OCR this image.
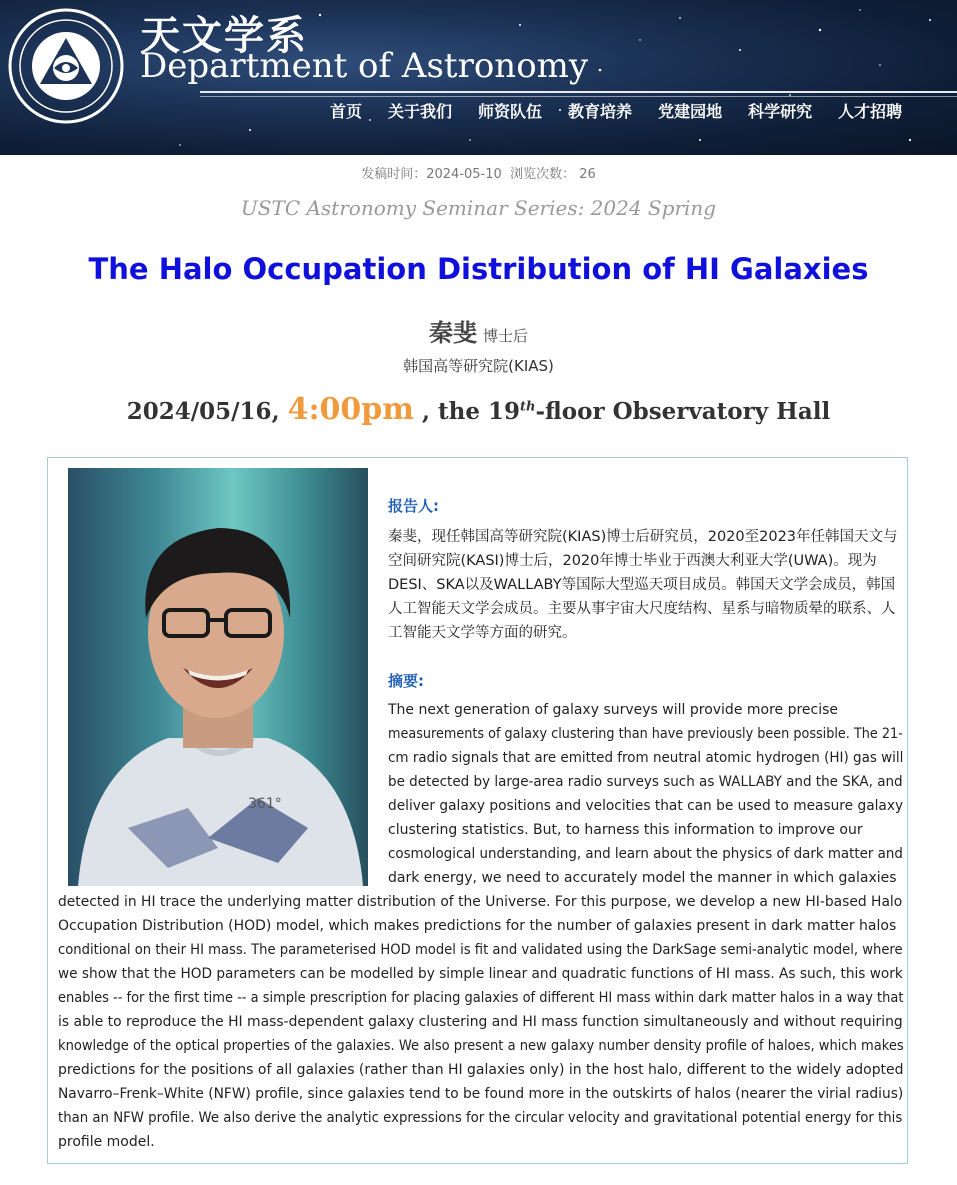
天文学系
Department of Astronomy
首页 关于我们 师资队伍 教育培养 党建园地 科学研究 人才招聘
发稿时间：2024-05-10 浏览次数： 26
USTC Astronomy Seminar Series: 2024 Spring
The Halo Occupation Distribution of HI Galaxies
秦斐 博士后
韩国高等研究院(KIAS)
2024/05/16, 4:00pm , the 19th-floor Observatory Hall
361°
报告人:
秦斐，现任韩国高等研究院(KIAS)博士后研究员，2020至2023年任韩国天文与空间研究院(KASI)博士后，2020年博士毕业于西澳大利亚大学(UWA)。现为DESI、SKA以及WALLABY等国际大型巡天项目成员。韩国天文学会成员，韩国人工智能天文学会成员。主要从事宇宙大尺度结构、星系与暗物质晕的联系、人工智能天文学等方面的研究。
摘要:
The next generation of galaxy surveys will provide more precise
measurements of galaxy clustering than have previously been possible. The 21-
cm radio signals that are emitted from neutral atomic hydrogen (HI) gas will
be detected by large-area radio surveys such as WALLABY and the SKA, and
deliver galaxy positions and velocities that can be used to measure galaxy
clustering statistics. But, to harness this information to improve our
cosmological understanding, and learn about the physics of dark matter and
dark energy, we need to accurately model the manner in which galaxies
detected in HI trace the underlying matter distribution of the Universe. For this purpose, we develop a new HI-based Halo
Occupation Distribution (HOD) model, which makes predictions for the number of galaxies present in dark matter halos
conditional on their HI mass. The parameterised HOD model is fit and validated using the DarkSage semi-analytic model, where
we show that the HOD parameters can be modelled by simple linear and quadratic functions of HI mass. As such, this work
enables -- for the first time -- a simple prescription for placing galaxies of different HI mass within dark matter halos in a way that
is able to reproduce the HI mass-dependent galaxy clustering and HI mass function simultaneously and without requiring
knowledge of the optical properties of the galaxies. We also present a new galaxy number density profile of haloes, which makes
predictions for the positions of all galaxies (rather than HI galaxies only) in the host halo, different to the widely adopted
Navarro–Frenk–White (NFW) profile, since galaxies tend to be found more in the outskirts of halos (nearer the virial radius)
than an NFW profile. We also derive the analytic expressions for the circular velocity and gravitational potential energy for this
profile model.
